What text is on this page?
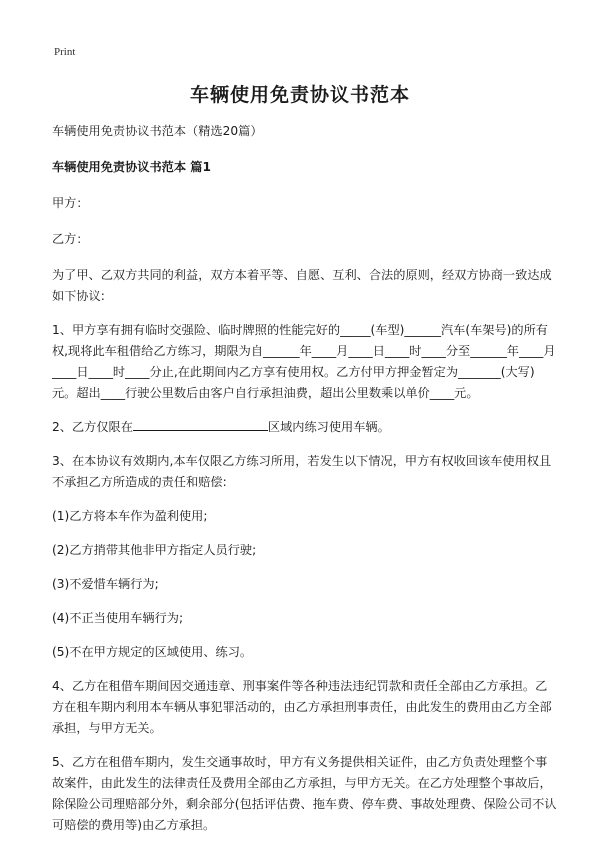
Print
车辆使用免责协议书范本

车辆使用免责协议书范本（精选20篇）

车辆使用免责协议书范本 篇1

甲方：

乙方：

为了甲、乙双方共同的利益，双方本着平等、自愿、互利、合法的原则，经双方协商一致达成如下协议:

1、甲方享有拥有临时交强险、临时牌照的性能完好的_____(车型)______汽车(车架号)的所有权,现将此车租借给乙方练习，期限为自______年____月____日____时____分至______年____月____日____时____分止,在此期间内乙方享有使用权。乙方付甲方押金暂定为_______(大写)元。超出____行驶公里数后由客户自行承担油费，超出公里数乘以单价____元。

2、乙方仅限在	区域内练习使用车辆。

3、在本协议有效期内,本车仅限乙方练习所用，若发生以下情况，甲方有权收回该车使用权且不承担乙方所造成的责任和赔偿:

(1)乙方将本车作为盈利使用;

(2)乙方捎带其他非甲方指定人员行驶;

(3)不爱惜车辆行为;

(4)不正当使用车辆行为;

(5)不在甲方规定的区域使用、练习。

4、乙方在租借车期间因交通违章、刑事案件等各种违法违纪罚款和责任全部由乙方承担。乙方在租车期内利用本车辆从事犯罪活动的，由乙方承担刑事责任，由此发生的费用由乙方全部承担，与甲方无关。

5、乙方在租借车期内，发生交通事故时，甲方有义务提供相关证件，由乙方负责处理整个事故案件，由此发生的法律责任及费用全部由乙方承担，与甲方无关。在乙方处理整个事故后，除保险公司理赔部分外，剩余部分(包括评估费、拖车费、停车费、事故处理费、保险公司不认可赔偿的费用等)由乙方承担。
